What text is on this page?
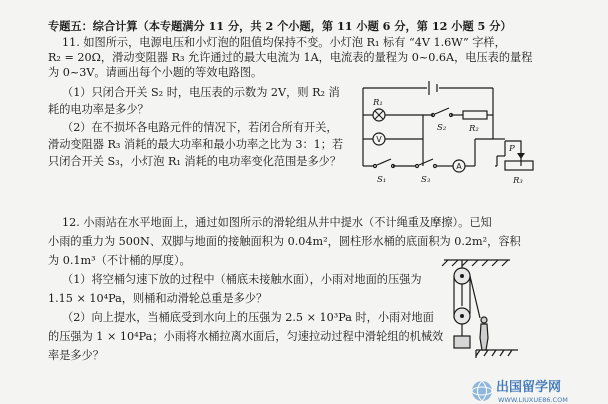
专题五：综合计算（本专题满分 11 分，共 2 个小题，第 11 小题 6 分，第 12 小题 5 分）
11. 如图所示，电源电压和小灯泡的阻值均保持不变。小灯泡 R₁ 标有 “4V 1.6W” 字样，
R₂ = 20Ω，滑动变阻器 R₃ 允许通过的最大电流为 1A，电流表的量程为 0~0.6A，电压表的量程
为 0~3V。请画出每个小题的等效电路图。
（1）只闭合开关 S₂ 时，电压表的示数为 2V，则 R₂ 消
耗的电功率是多少？
（2）在不损坏各电路元件的情况下，若闭合所有开关，
滑动变阻器 R₃ 消耗的最大功率和最小功率之比为 3：1；若
只闭合开关 S₃，小灯泡 R₁ 消耗的电功率变化范围是多少？
V
A
R₁
S₂	R₂
P
S₁	S₃	R₃
12. 小雨站在水平地面上，通过如图所示的滑轮组从井中提水（不计绳重及摩擦）。已知
小雨的重力为 500N、双脚与地面的接触面积为 0.04m²，圆柱形水桶的底面积为 0.2m²，容积
为 0.1m³（不计桶的厚度）。
（1）将空桶匀速下放的过程中（桶底未接触水面），小雨对地面的压强为
1.15 × 10⁴Pa，则桶和动滑轮总重是多少？
（2）向上提水，当桶底受到水向上的压强为 2.5 × 10³Pa 时，小雨对地面
的压强为 1 × 10⁴Pa；小雨将水桶拉离水面后，匀速拉动过程中滑轮组的机械效
率是多少？
出国留学网
WWW.LIUXUE86.COM
